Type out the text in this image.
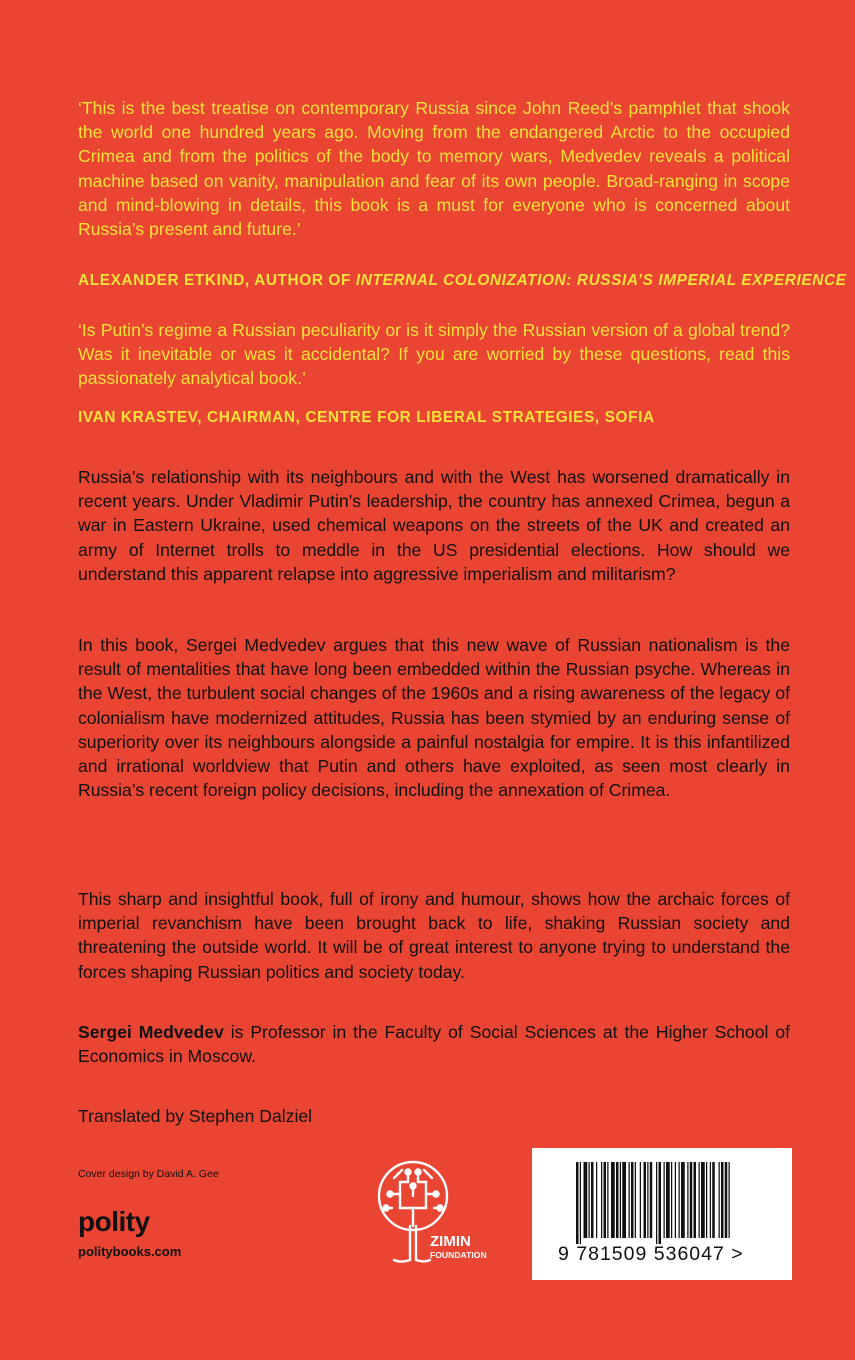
‘This is the best treatise on contemporary Russia since John Reed’s pamphlet that shook the world one hundred years ago. Moving from the endangered Arctic to the occupied Crimea and from the politics of the body to memory wars, Medvedev reveals a political machine based on vanity, manipulation and fear of its own people. Broad-ranging in scope and mind-blowing in details, this book is a must for everyone who is concerned about Russia’s present and future.’

ALEXANDER ETKIND, AUTHOR OF INTERNAL COLONIZATION: RUSSIA’S IMPERIAL EXPERIENCE

‘Is Putin’s regime a Russian peculiarity or is it simply the Russian version of a global trend? Was it inevitable or was it accidental? If you are worried by these questions, read this passionately analytical book.’

IVAN KRASTEV, CHAIRMAN, CENTRE FOR LIBERAL STRATEGIES, SOFIA

Russia’s relationship with its neighbours and with the West has worsened dramatically in recent years. Under Vladimir Putin’s leadership, the country has annexed Crimea, begun a war in Eastern Ukraine, used chemical weapons on the streets of the UK and created an army of Internet trolls to meddle in the US presidential elections. How should we understand this apparent relapse into aggressive imperialism and militarism?

In this book, Sergei Medvedev argues that this new wave of Russian nationalism is the result of mentalities that have long been embedded within the Russian psyche. Whereas in the West, the turbulent social changes of the 1960s and a rising awareness of the legacy of colonialism have modernized attitudes, Russia has been stymied by an enduring sense of superiority over its neighbours alongside a painful nostalgia for empire. It is this infantilized and irrational worldview that Putin and others have exploited, as seen most clearly in Russia’s recent foreign policy decisions, including the annexation of Crimea.

This sharp and insightful book, full of irony and humour, shows how the archaic forces of imperial revanchism have been brought back to life, shaking Russian society and threatening the outside world. It will be of great interest to anyone trying to understand the forces shaping Russian politics and society today.

Sergei Medvedev is Professor in the Faculty of Social Sciences at the Higher School of Economics in Moscow.

Translated by Stephen Dalziel

Cover design by David A. Gee

polity

politybooks.com

ZIMIN
FOUNDATION	9 781509 536047 >
